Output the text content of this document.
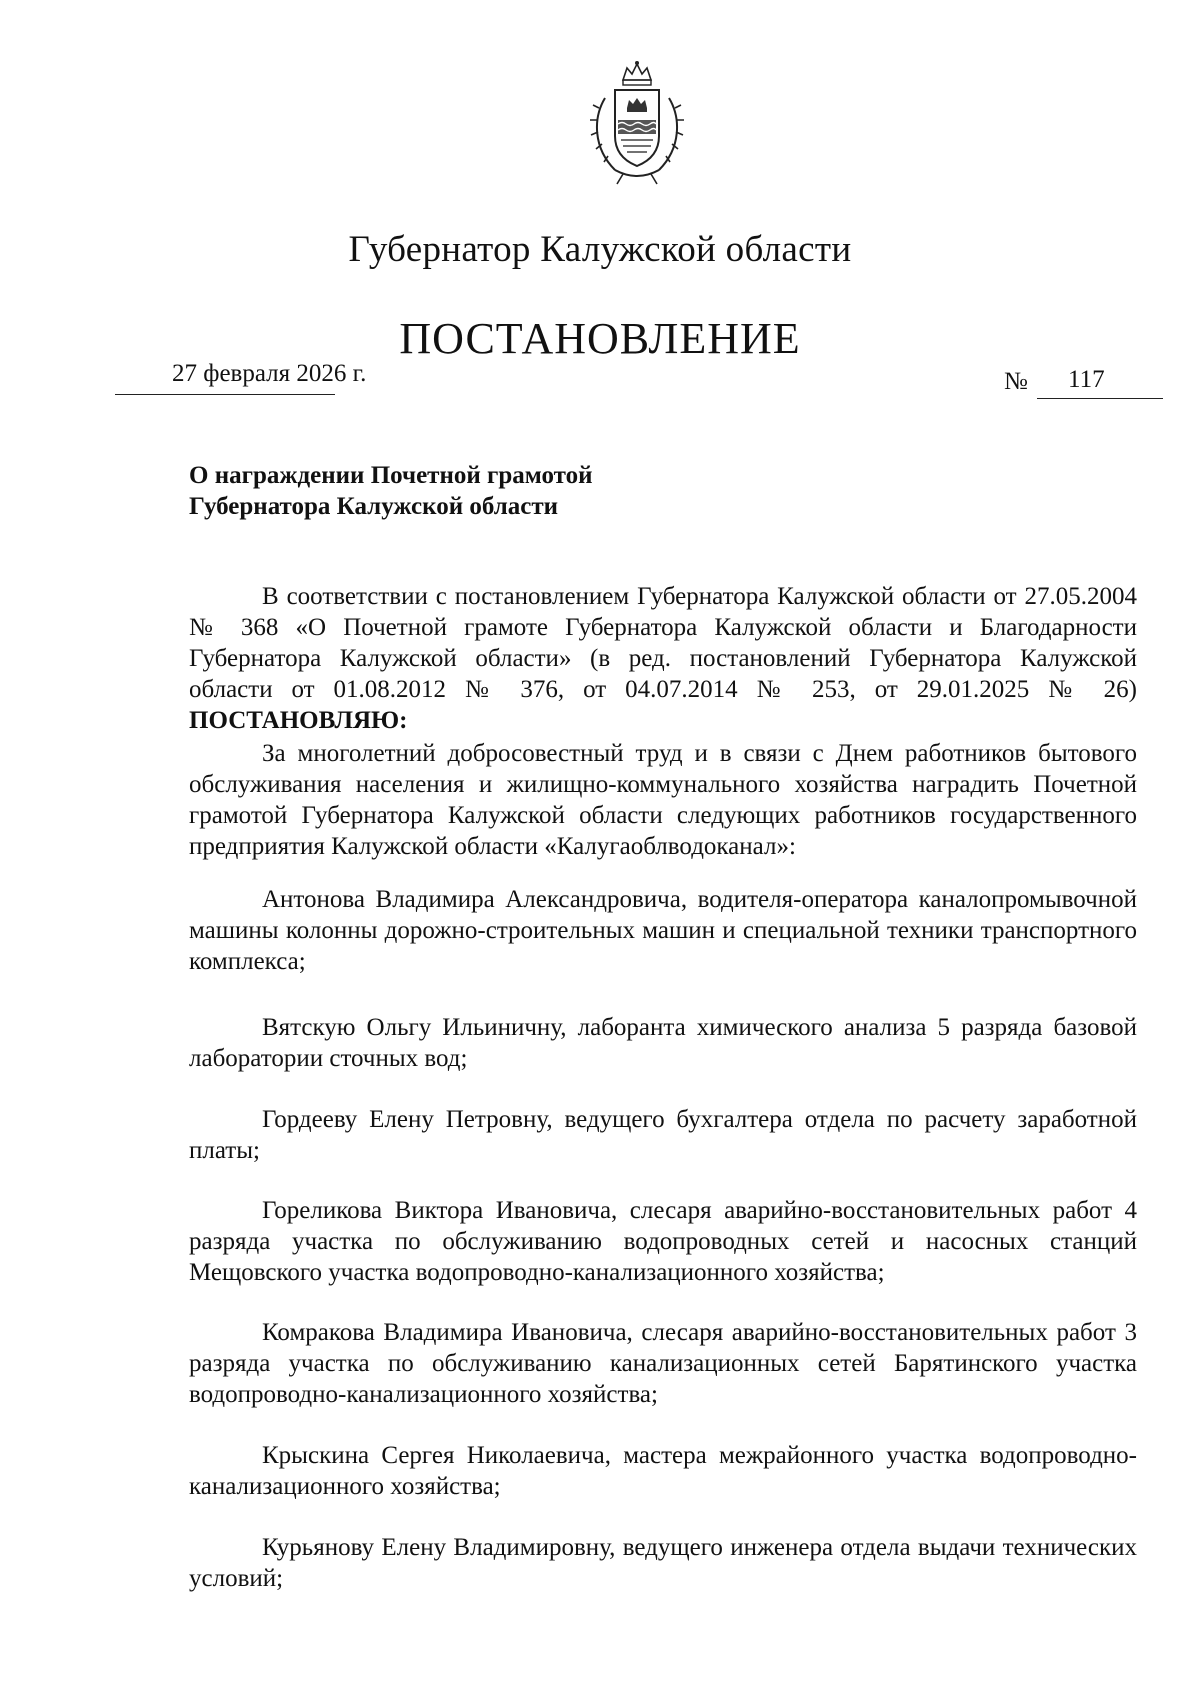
Губернатор Калужской области
ПОСТАНОВЛЕНИЕ
27 февраля 2026 г.	№ 117
О награждении Почетной грамотой
Губернатора Калужской области

В соответствии с постановлением Губернатора Калужской области от 27.05.2004 № 368 «О Почетной грамоте Губернатора Калужской области и Благодарности Губернатора Калужской области» (в ред. постановлений Губернатора Калужской области от 01.08.2012 № 376, от 04.07.2014 № 253, от 29.01.2025 № 26) ПОСТАНОВЛЯЮ:

За многолетний добросовестный труд и в связи с Днем работников бытового обслуживания населения и жилищно-коммунального хозяйства наградить Почетной грамотой Губернатора Калужской области следующих работников государственного предприятия Калужской области «Калугаоблводоканал»:

Антонова Владимира Александровича, водителя-оператора каналопромывочной машины колонны дорожно-строительных машин и специальной техники транспортного комплекса;

Вятскую Ольгу Ильиничну, лаборанта химического анализа 5 разряда базовой лаборатории сточных вод;

Гордееву Елену Петровну, ведущего бухгалтера отдела по расчету заработной платы;

Гореликова Виктора Ивановича, слесаря аварийно-восстановительных работ 4 разряда участка по обслуживанию водопроводных сетей и насосных станций Мещовского участка водопроводно-канализационного хозяйства;

Комракова Владимира Ивановича, слесаря аварийно-восстановительных работ 3 разряда участка по обслуживанию канализационных сетей Барятинского участка водопроводно-канализационного хозяйства;

Крыскина Сергея Николаевича, мастера межрайонного участка водопроводно-канализационного хозяйства;

Курьянову Елену Владимировну, ведущего инженера отдела выдачи технических условий;
